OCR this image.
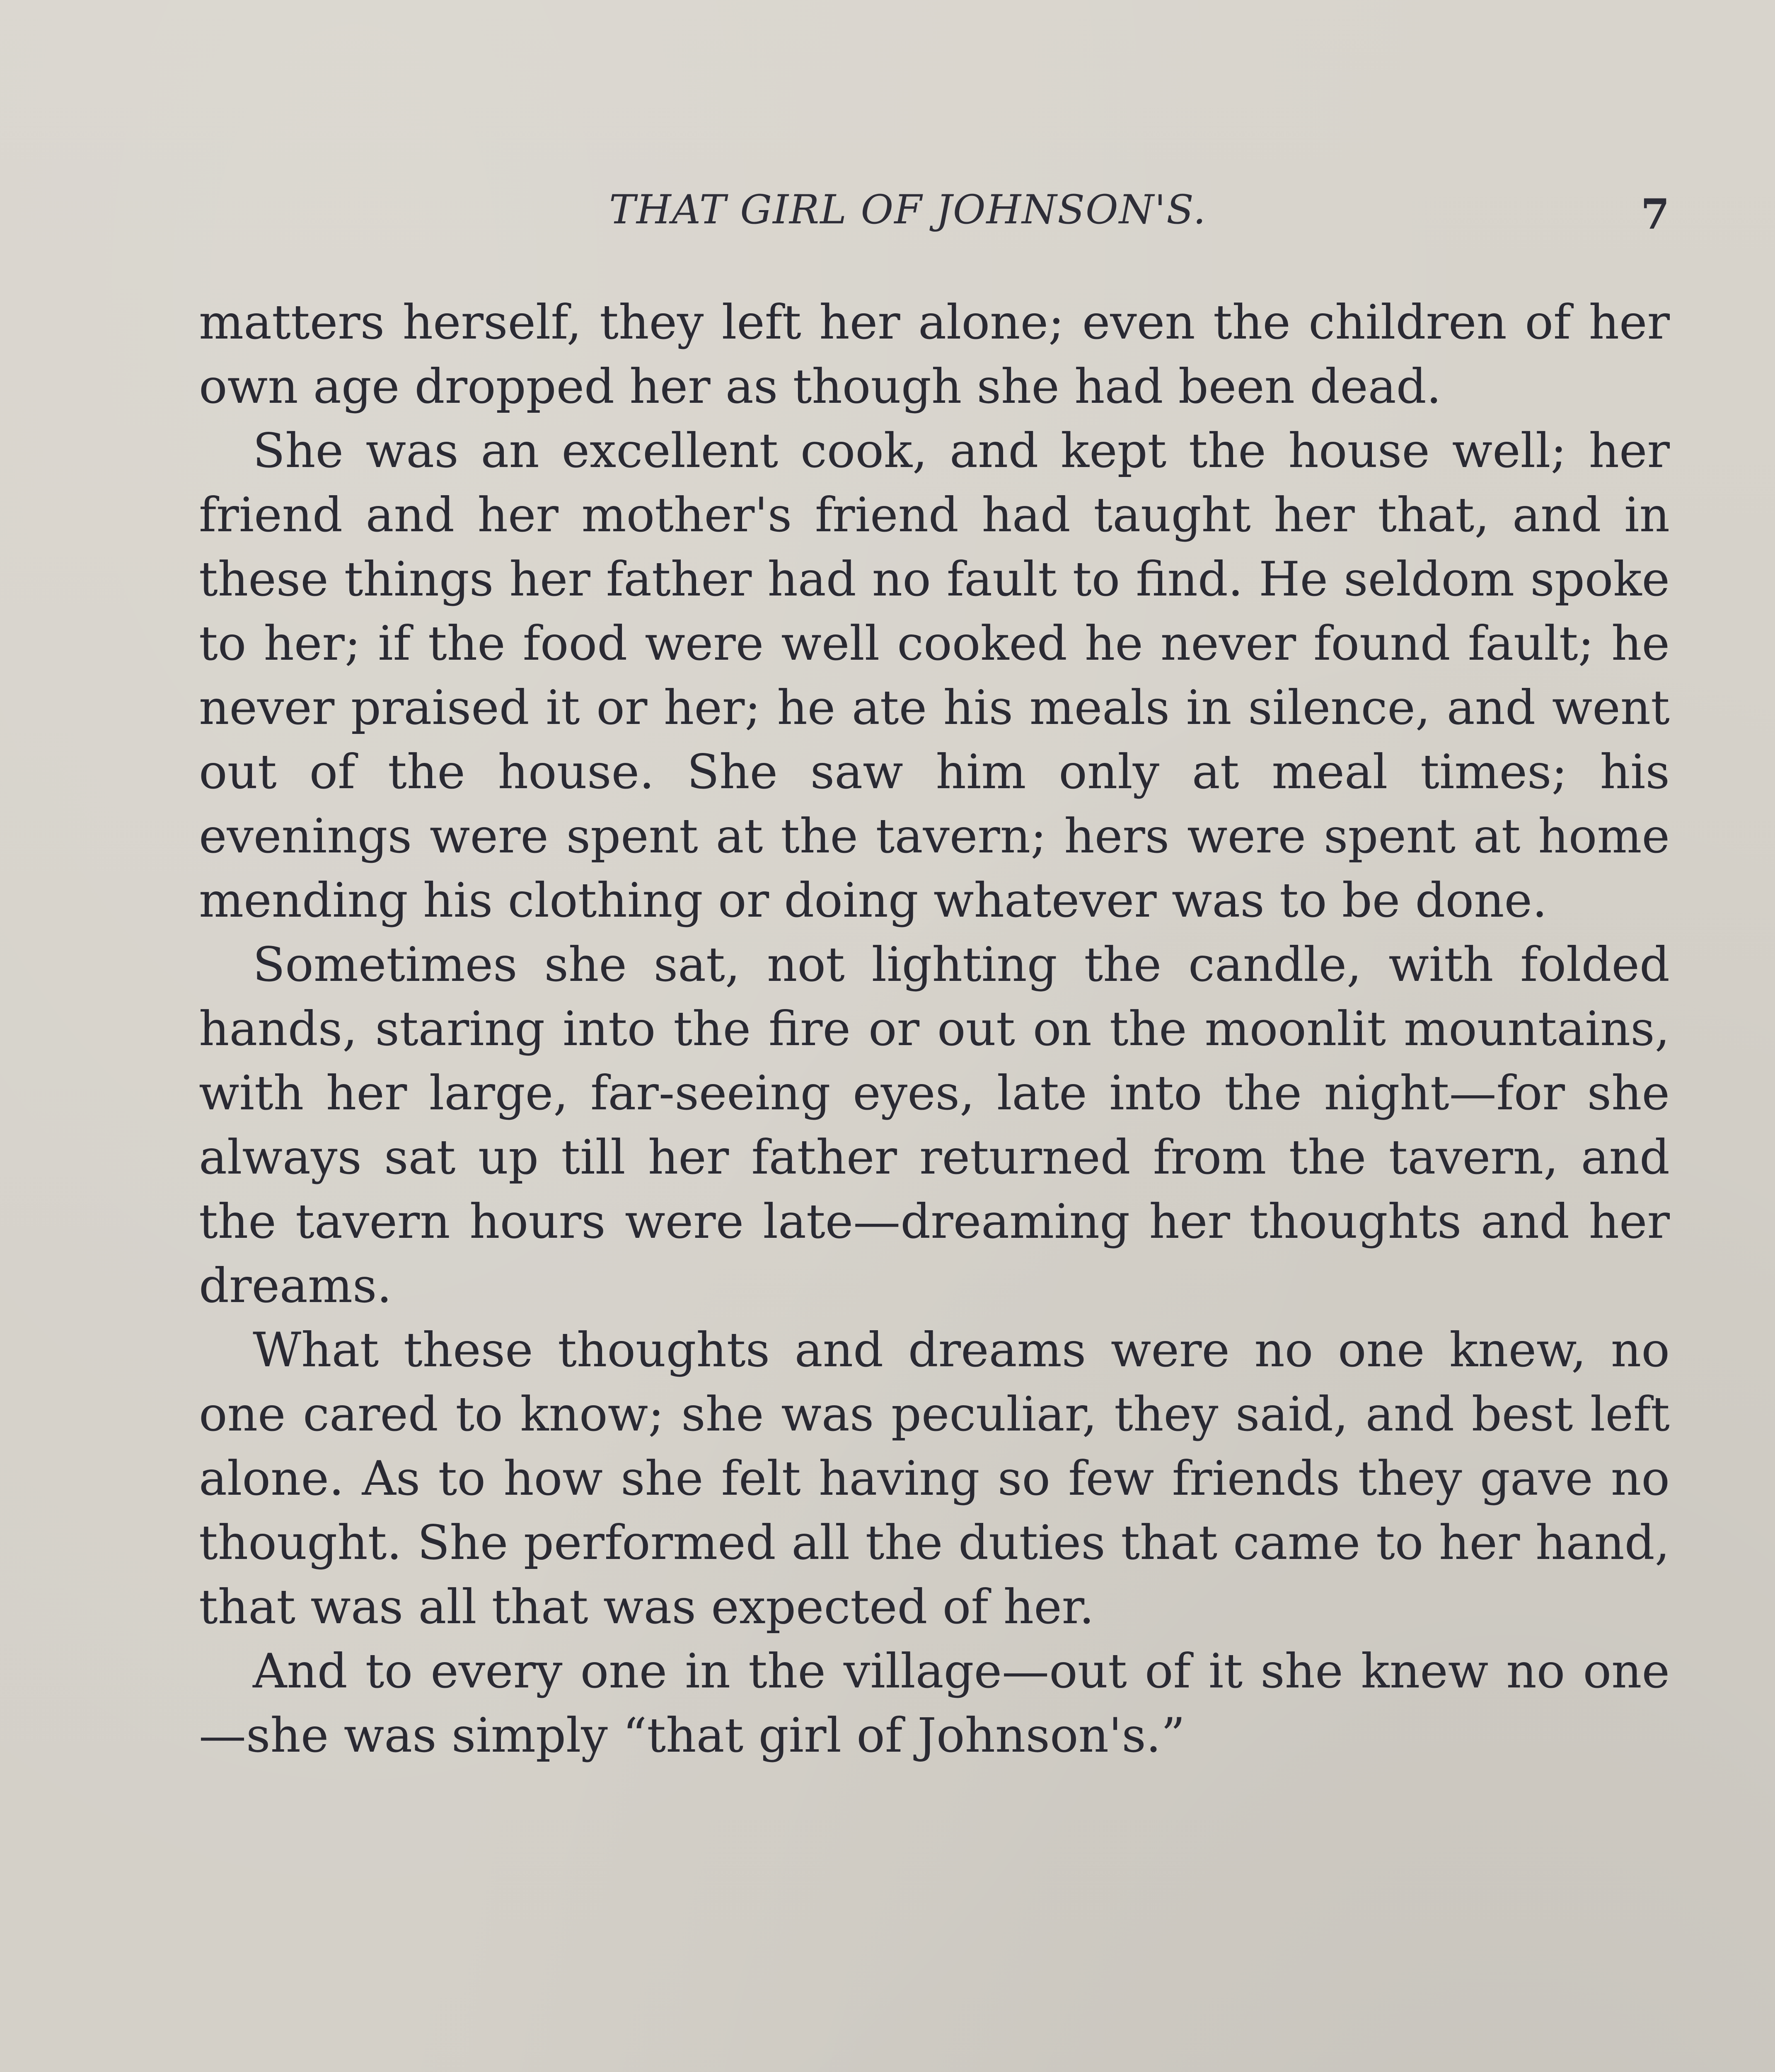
THAT GIRL OF JOHNSON'S.	7

matters herself, they left her alone; even the children of her own age dropped her as though she had been dead.

She was an excellent cook, and kept the house well; her friend and her mother's friend had taught her that, and in these things her father had no fault to find. He seldom spoke to her; if the food were well cooked he never found fault; he never praised it or her; he ate his meals in silence, and went out of the house. She saw him only at meal times; his evenings were spent at the tavern; hers were spent at home mending his clothing or doing whatever was to be done.

Sometimes she sat, not lighting the candle, with folded hands, staring into the fire or out on the moonlit mountains, with her large, far-seeing eyes, late into the night—for she always sat up till her father returned from the tavern, and the tavern hours were late—dreaming her thoughts and her dreams.

What these thoughts and dreams were no one knew, no one cared to know; she was peculiar, they said, and best left alone. As to how she felt having so few friends they gave no thought. She performed all the duties that came to her hand, that was all that was expected of her.

And to every one in the village—out of it she knew no one—she was simply “that girl of Johnson's.”
